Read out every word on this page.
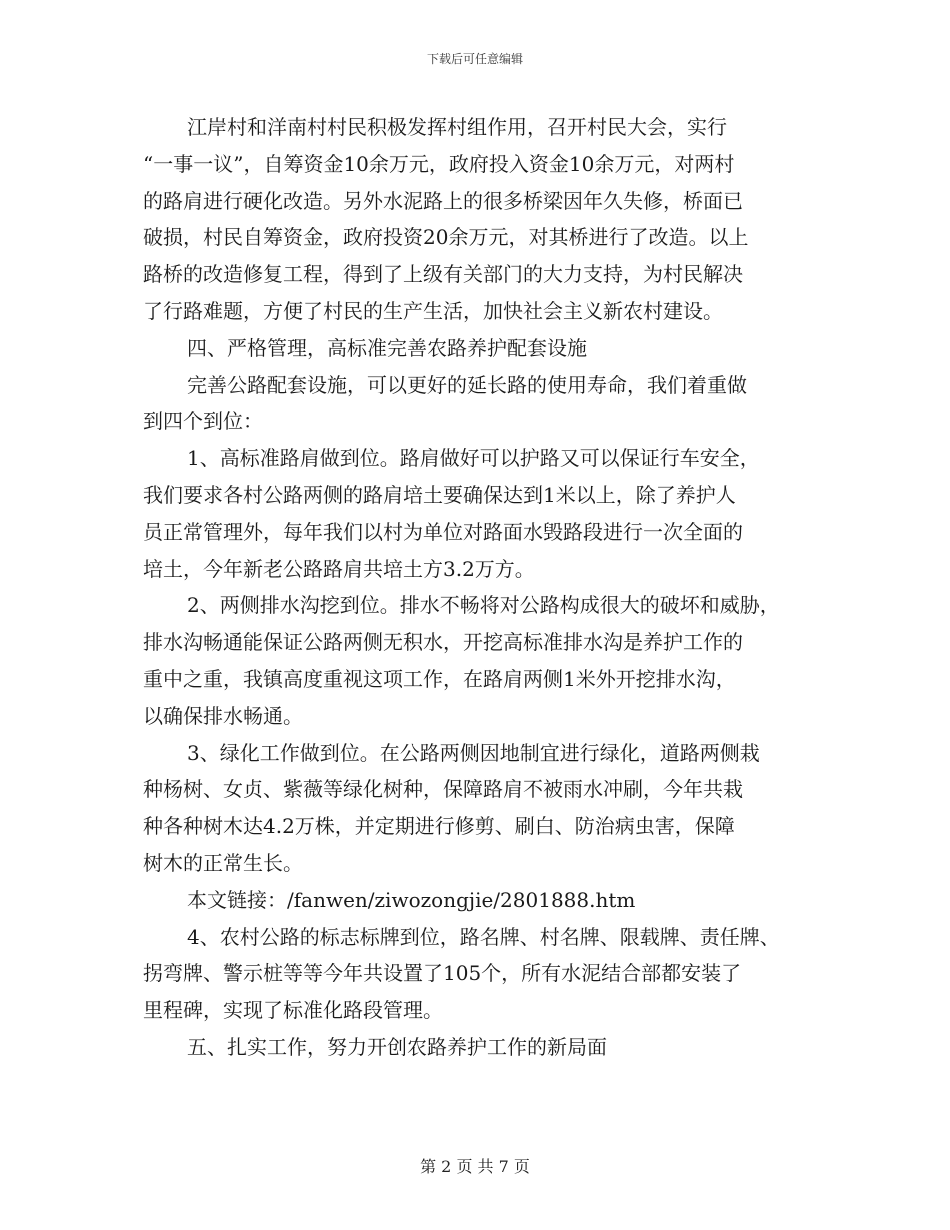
下载后可任意编辑
江岸村和洋南村村民积极发挥村组作用，召开村民大会，实行
“一事一议”，自筹资金10余万元，政府投入资金10余万元，对两村
的路肩进行硬化改造。另外水泥路上的很多桥梁因年久失修，桥面已
破损，村民自筹资金，政府投资20余万元，对其桥进行了改造。以上
路桥的改造修复工程，得到了上级有关部门的大力支持，为村民解决
了行路难题，方便了村民的生产生活，加快社会主义新农村建设。
四、严格管理，高标准完善农路养护配套设施
完善公路配套设施，可以更好的延长路的使用寿命，我们着重做
到四个到位：
1、高标准路肩做到位。路肩做好可以护路又可以保证行车安全，
我们要求各村公路两侧的路肩培土要确保达到1米以上，除了养护人
员正常管理外，每年我们以村为单位对路面水毁路段进行一次全面的
培土，今年新老公路路肩共培土方3.2万方。
2、两侧排水沟挖到位。排水不畅将对公路构成很大的破坏和威胁，
排水沟畅通能保证公路两侧无积水，开挖高标准排水沟是养护工作的
重中之重，我镇高度重视这项工作，在路肩两侧1米外开挖排水沟，
以确保排水畅通。
3、绿化工作做到位。在公路两侧因地制宜进行绿化，道路两侧栽
种杨树、女贞、紫薇等绿化树种，保障路肩不被雨水冲刷，今年共栽
种各种树木达4.2万株，并定期进行修剪、刷白、防治病虫害，保障
树木的正常生长。
本文链接：/fanwen/ziwozongjie/2801888.htm
4、农村公路的标志标牌到位，路名牌、村名牌、限载牌、责任牌、
拐弯牌、警示桩等等今年共设置了105个，所有水泥结合部都安装了
里程碑，实现了标准化路段管理。
五、扎实工作，努力开创农路养护工作的新局面
第 2 页 共 7 页
